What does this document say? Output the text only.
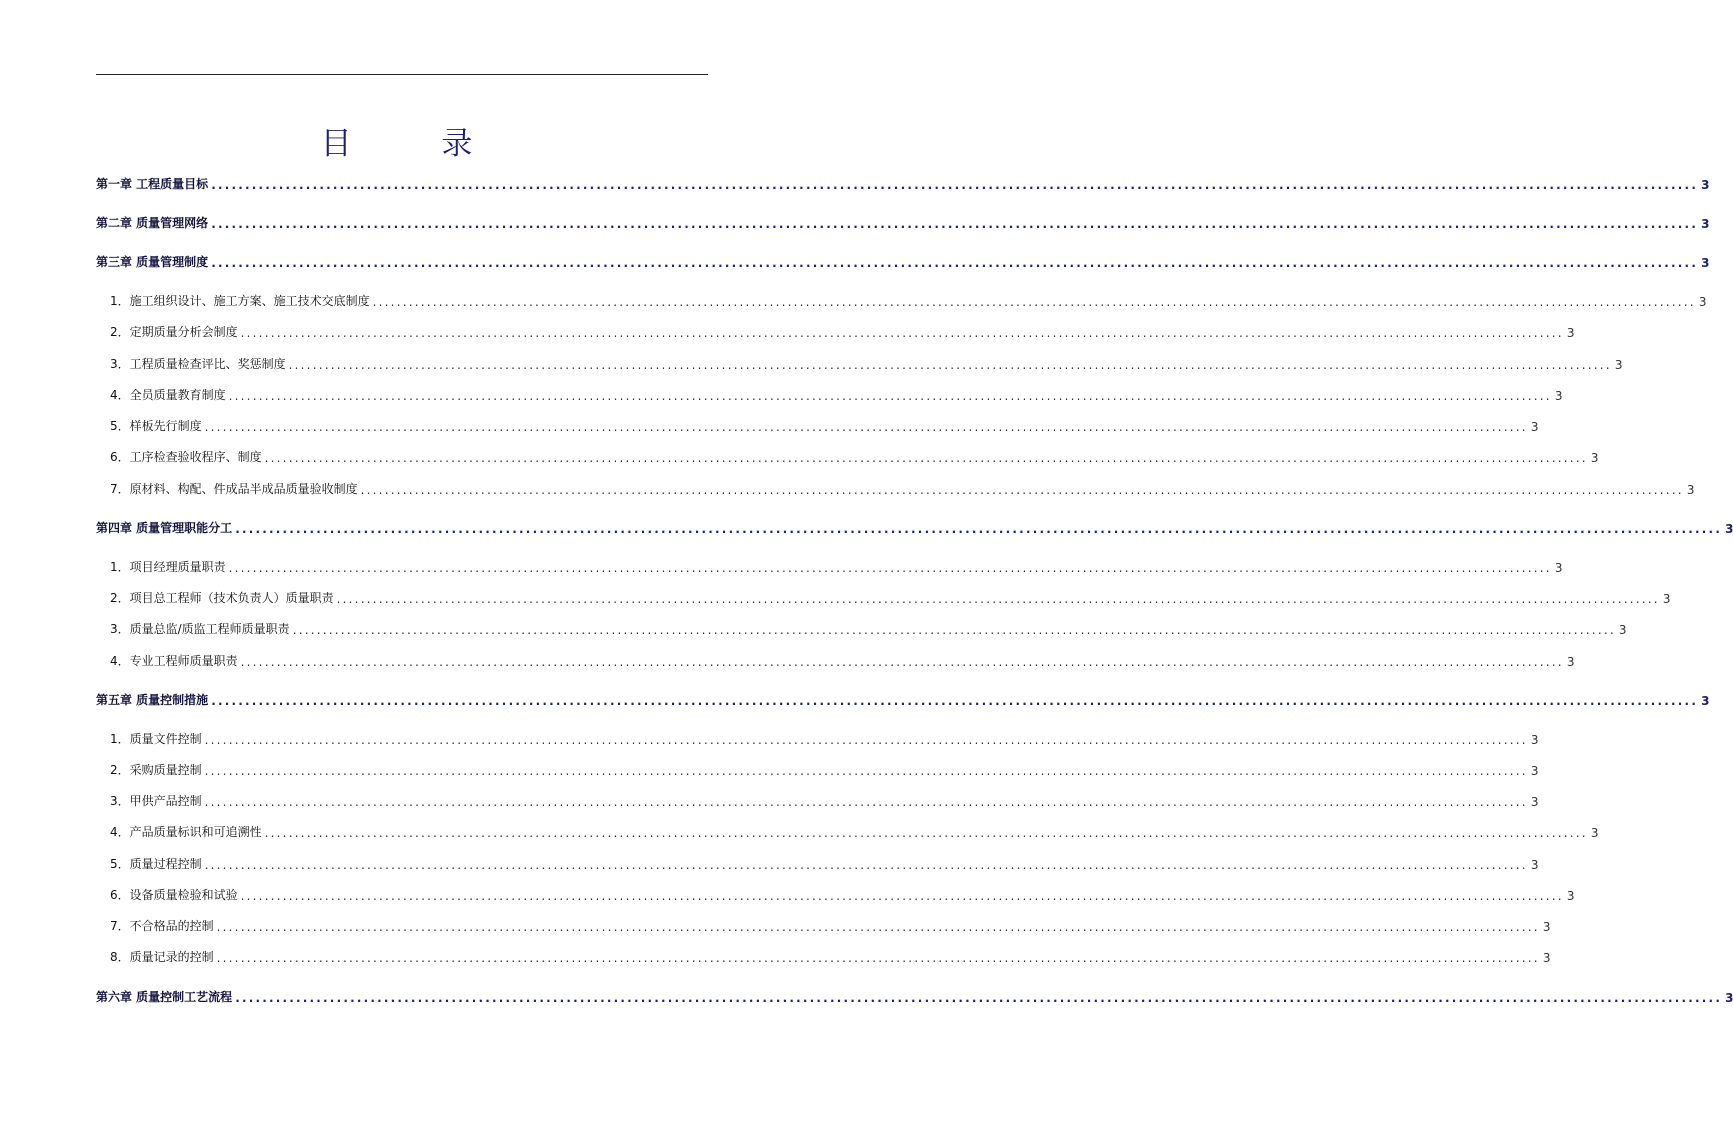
目 录
第一章 工程质量目标 ............................................................................................................................................................................................................................ 3
第二章 质量管理网络 ............................................................................................................................................................................................................................ 3
第三章 质量管理制度 ............................................................................................................................................................................................................................ 3
1．施工组织设计、施工方案、施工技术交底制度 ............................................................................................................................................................................................................................ 3
2．定期质量分析会制度 ............................................................................................................................................................................................................................ 3
3．工程质量检查评比、奖惩制度 ............................................................................................................................................................................................................................ 3
4．全员质量教育制度 ............................................................................................................................................................................................................................ 3
5．样板先行制度 ............................................................................................................................................................................................................................ 3
6．工序检查验收程序、制度 ............................................................................................................................................................................................................................ 3
7．原材料、构配、件成品半成品质量验收制度 ............................................................................................................................................................................................................................ 3
第四章 质量管理职能分工 ............................................................................................................................................................................................................................ 3
1．项目经理质量职责 ............................................................................................................................................................................................................................ 3
2．项目总工程师（技术负责人）质量职责 ............................................................................................................................................................................................................................ 3
3．质量总监/质监工程师质量职责 ............................................................................................................................................................................................................................ 3
4．专业工程师质量职责 ............................................................................................................................................................................................................................ 3
第五章 质量控制措施 ............................................................................................................................................................................................................................ 3
1．质量文件控制 ............................................................................................................................................................................................................................ 3
2．采购质量控制 ............................................................................................................................................................................................................................ 3
3．甲供产品控制 ............................................................................................................................................................................................................................ 3
4．产品质量标识和可追溯性 ............................................................................................................................................................................................................................ 3
5．质量过程控制 ............................................................................................................................................................................................................................ 3
6．设备质量检验和试验 ............................................................................................................................................................................................................................ 3
7．不合格品的控制 ............................................................................................................................................................................................................................ 3
8．质量记录的控制 ............................................................................................................................................................................................................................ 3
第六章 质量控制工艺流程 ............................................................................................................................................................................................................................ 3
